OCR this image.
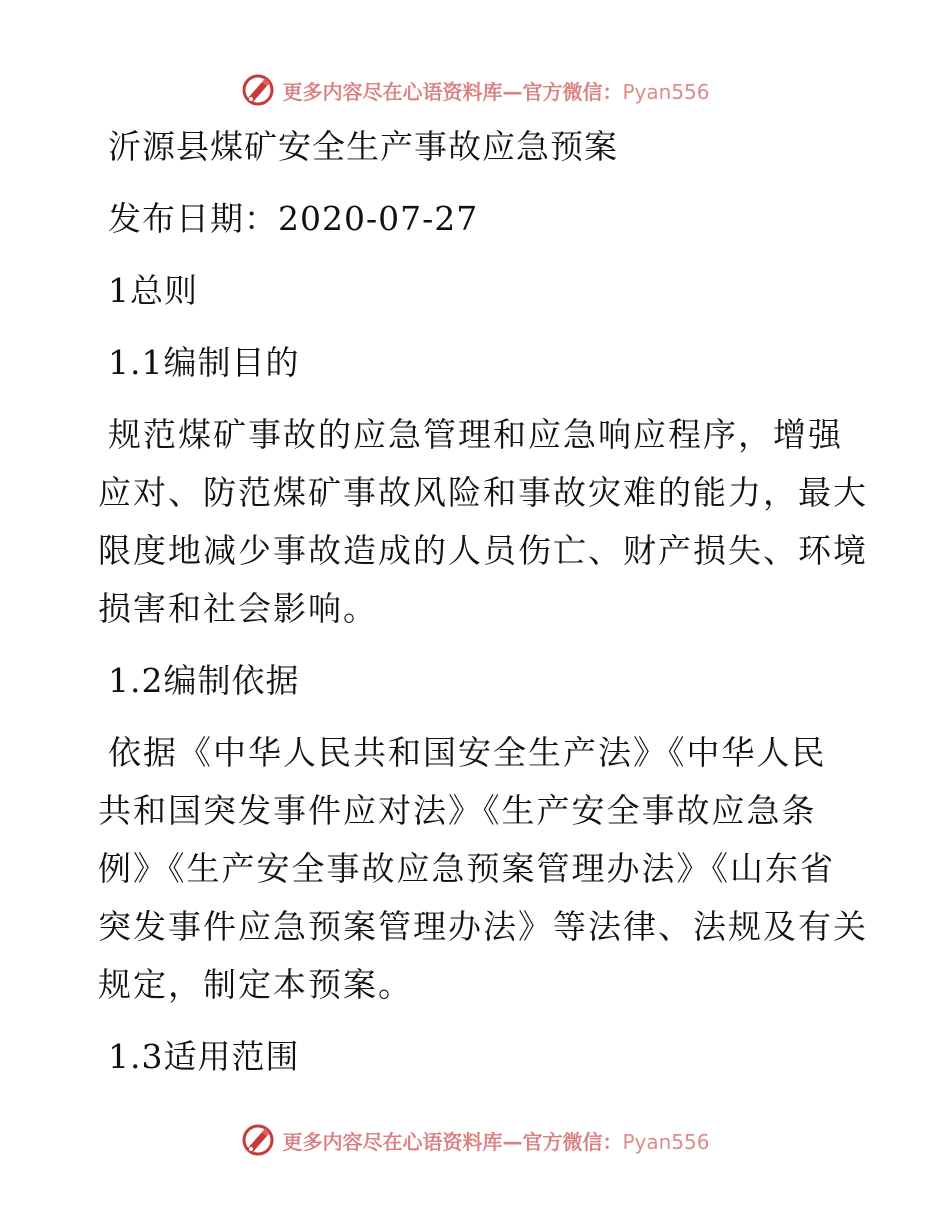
更多内容尽在心语资料库—官方微信：Pyan556
沂源县煤矿安全生产事故应急预案
发布日期：2020-07-27
1总则
1.1编制目的
规范煤矿事故的应急管理和应急响应程序，增强
应对、防范煤矿事故风险和事故灾难的能力，最大
限度地减少事故造成的人员伤亡、财产损失、环境
损害和社会影响。
1.2编制依据
依据《中华人民共和国安全生产法》《中华人民
共和国突发事件应对法》《生产安全事故应急条
例》《生产安全事故应急预案管理办法》《山东省
突发事件应急预案管理办法》等法律、法规及有关
规定，制定本预案。
1.3适用范围
更多内容尽在心语资料库—官方微信：Pyan556
